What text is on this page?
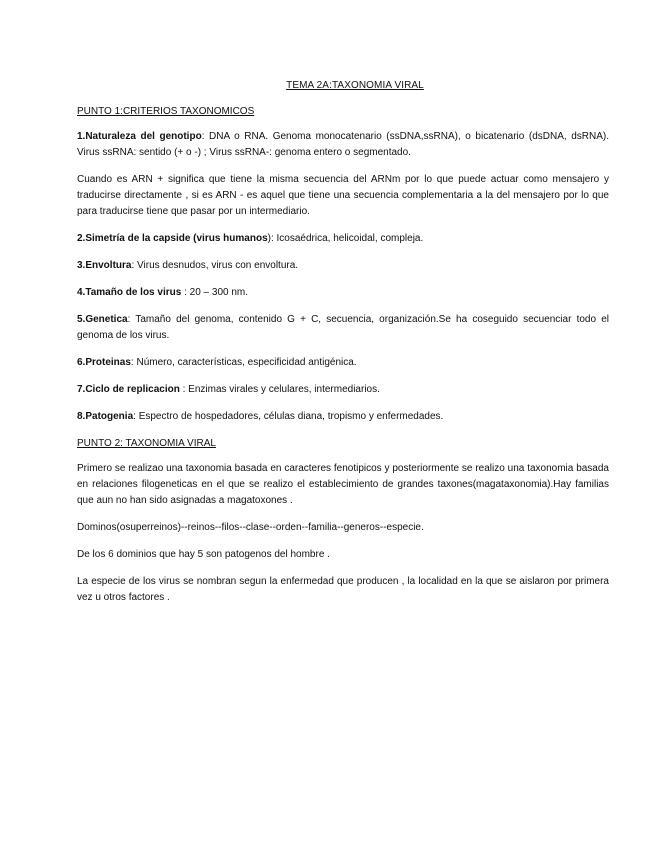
TEMA 2A:TAXONOMIA VIRAL
PUNTO 1:CRITERIOS TAXONOMICOS

1.Naturaleza del genotipo: DNA o RNA. Genoma monocatenario (ssDNA,ssRNA), o bicatenario (dsDNA, dsRNA). Virus ssRNA: sentido (+ o -) ; Virus ssRNA-: genoma entero o segmentado.

Cuando es ARN + significa que tiene la misma secuencia del ARNm por lo que puede actuar como mensajero y traducirse directamente , si es ARN - es aquel que tiene una secuencia complementaria a la del mensajero por lo que para traducirse tiene que pasar por un intermediario.

2.Simetría de la capside (virus humanos): Icosaédrica, helicoidal, compleja.

3.Envoltura: Virus desnudos, virus con envoltura.

4.Tamaño de los virus : 20 – 300 nm.

5.Genetica: Tamaño del genoma, contenido G + C, secuencia, organización.Se ha coseguido secuenciar todo el genoma de los virus.

6.Proteinas: Número, características, especificidad antigénica.

7.Ciclo de replicacion : Enzimas virales y celulares, intermediarios.

8.Patogenia: Espectro de hospedadores, células diana, tropismo y enfermedades.

PUNTO 2: TAXONOMIA VIRAL

Primero se realizao una taxonomia basada en caracteres fenotipicos y posteriormente se realizo una taxonomia basada en relaciones filogeneticas en el que se realizo el establecimiento de grandes taxones(magataxonomia).Hay familias que aun no han sido asignadas a magatoxones .

Dominos(osuperreinos)--reinos--filos--clase--orden--familia--generos--especie.

De los 6 dominios que hay 5 son patogenos del hombre .

La especie de los virus se nombran segun la enfermedad que producen , la localidad en la que se aislaron por primera vez u otros factores .
